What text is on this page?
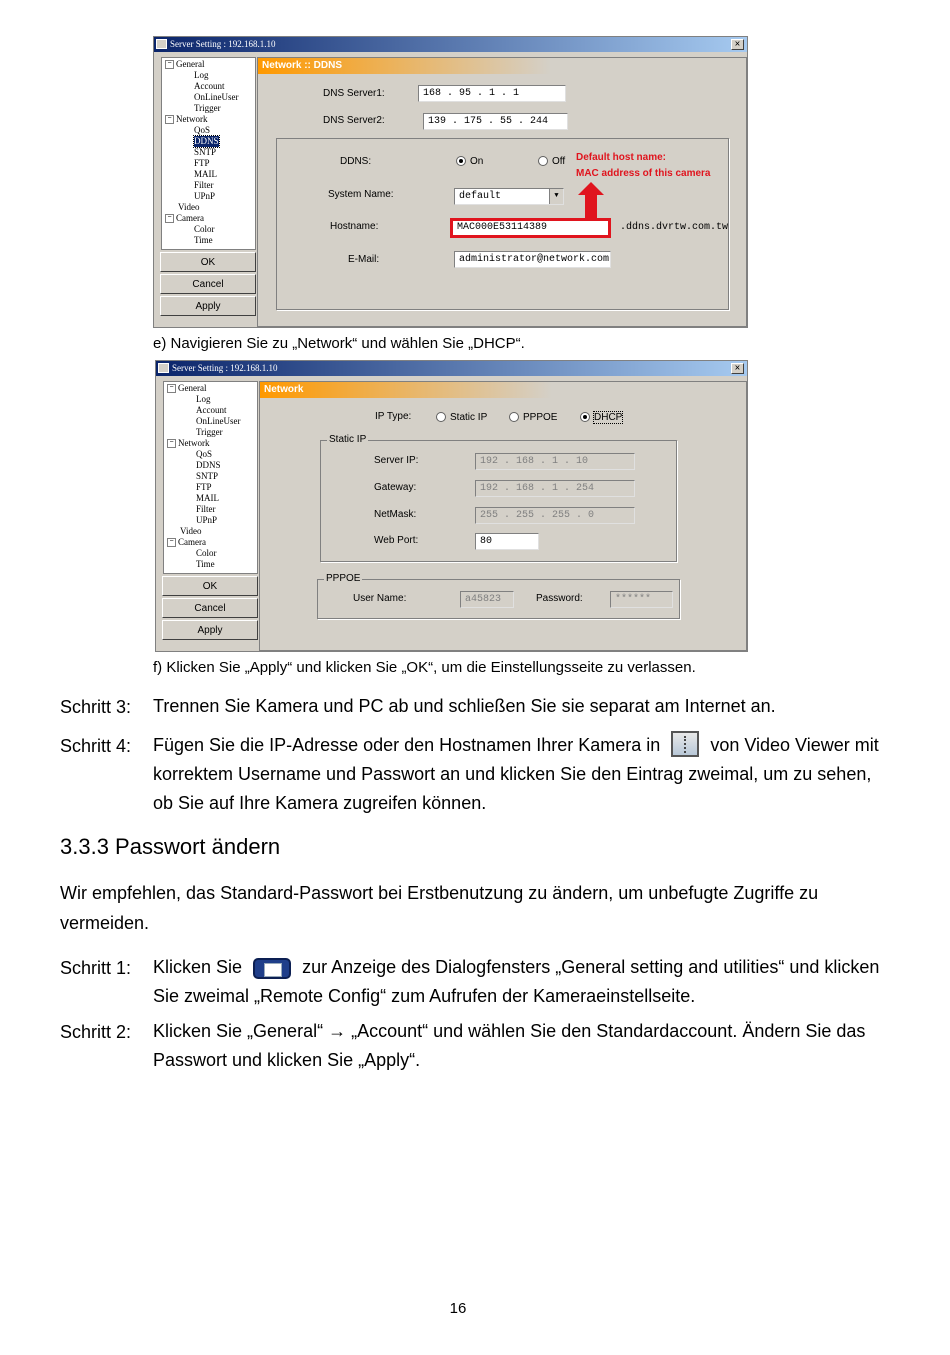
Server Setting : 192.168.1.10	×
− General
Log
Account
OnLineUser
Trigger
− Network
QoS
DDNS
SNTP
FTP
MAIL
Filter
UPnP
Video
− Camera
Color
Time
OK
Cancel
Apply
Network :: DDNS
DNS Server1:	168 . 95 . 1 . 1
DNS Server2:	139 . 175 . 55 . 244
DDNS:	On	Off Default host name:
MAC address of this camera
System Name:	default	▼
Hostname:	MAC000E53114389	.ddns.dvrtw.com.tw
E-Mail:	administrator@network.com
e) Navigieren Sie zu „Network“ und wählen Sie „DHCP“.
Server Setting : 192.168.1.10	×
− General
Log
Account
OnLineUser
Trigger
− Network
QoS
DDNS
SNTP
FTP
MAIL
Filter
UPnP
Video
− Camera
Color
Time
OK
Cancel
Apply
Network
IP Type:	Static IP	PPPOE	DHCP
Static IP
Server IP:	192 . 168 . 1 . 10
Gateway:	192 . 168 . 1 . 254
NetMask:	255 . 255 . 255 . 0
Web Port:	80
PPPOE
User Name:	a45823	Password:	******
f) Klicken Sie „Apply“ und klicken Sie „OK“, um die Einstellungsseite zu verlassen.
Schritt 3: Trennen Sie Kamera und PC ab und schließen Sie sie separat am Internet an.
Schritt 4: Fügen Sie die IP-Adresse oder den Hostnamen Ihrer Kamera in	von Video Viewer mit korrektem Username und Passwort an und klicken Sie den Eintrag zweimal, um zu sehen, ob Sie auf Ihre Kamera zugreifen können.
3.3.3 Passwort ändern
Wir empfehlen, das Standard-Passwort bei Erstbenutzung zu ändern, um unbefugte Zugriffe zu vermeiden.
Schritt 1: Klicken Sie	zur Anzeige des Dialogfensters „General setting and utilities“ und klicken Sie zweimal „Remote Config“ zum Aufrufen der Kameraeinstellseite.
Schritt 2: Klicken Sie „General“ → „Account“ und wählen Sie den Standardaccount. Ändern Sie das Passwort und klicken Sie „Apply“.
16
